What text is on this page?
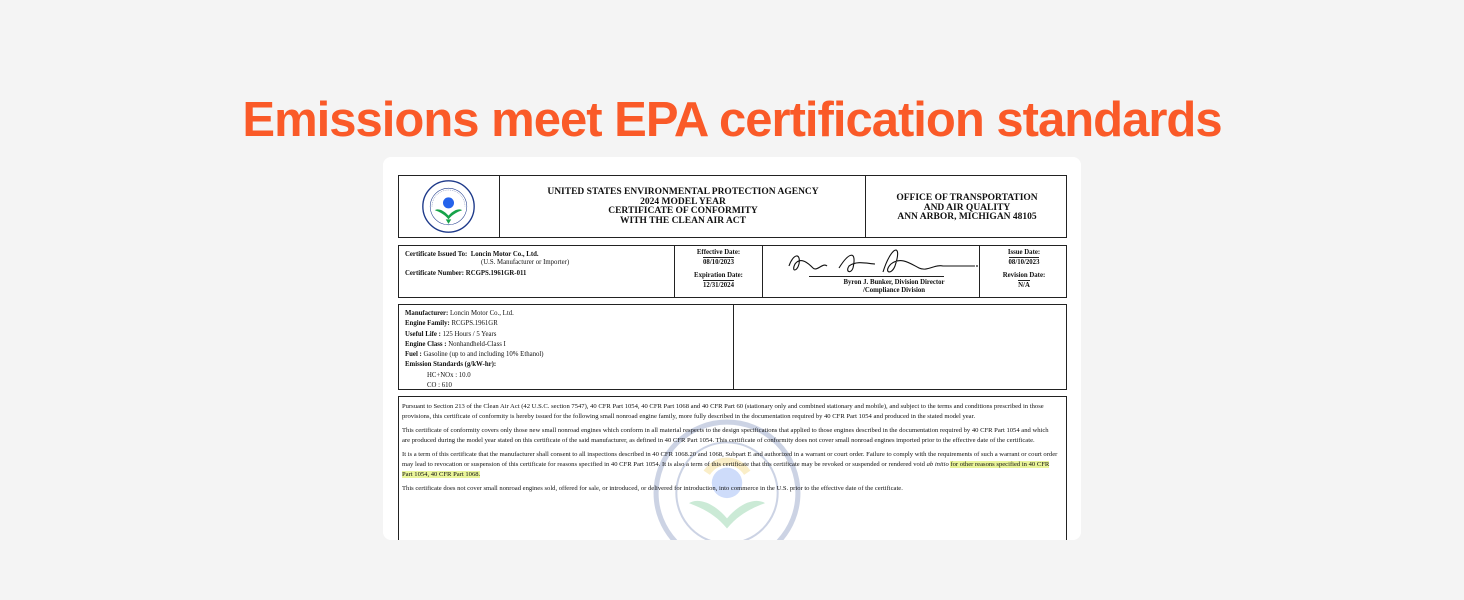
Emissions meet EPA certification standards
UNITED STATES ENVIRONMENTAL PROTECTION AGENCY
2024 MODEL YEAR
CERTIFICATE OF CONFORMITY
WITH THE CLEAN AIR ACT
OFFICE OF TRANSPORTATION
AND AIR QUALITY
ANN ARBOR, MICHIGAN 48105
Certificate Issued To: Loncin Motor Co., Ltd.
(U.S. Manufacturer or Importer)
Certificate Number: RCGPS.1961GR-011
Effective Date:
08/10/2023
Expiration Date:
12/31/2024	Byron J. Bunker, Division Director
/Compliance Division
Issue Date:
08/10/2023
Revision Date:
N/A
Manufacturer: Loncin Motor Co., Ltd.
Engine Family: RCGPS.1961GR
Useful Life : 125 Hours / 5 Years
Engine Class : Nonhandheld-Class I
Fuel : Gasoline (up to and including 10% Ethanol)
Emission Standards (g/kW-hr):
HC+NOx : 10.0
CO : 610

Pursuant to Section 213 of the Clean Air Act (42 U.S.C. section 7547), 40 CFR Part 1054, 40 CFR Part 1068 and 40 CFR Part 60 (stationary only and combined stationary and mobile), and subject to the terms and conditions prescribed in those provisions, this certificate of conformity is hereby issued for the following small nonroad engine family, more fully described in the documentation required by 40 CFR Part 1054 and produced in the stated model year.

This certificate of conformity covers only those new small nonroad engines which conform in all material respects to the design specifications that applied to those engines described in the documentation required by 40 CFR Part 1054 and which are produced during the model year stated on this certificate of the said manufacturer, as defined in 40 CFR Part 1054. This certificate of conformity does not cover small nonroad engines imported prior to the effective date of the certificate.

It is a term of this certificate that the manufacturer shall consent to all inspections described in 40 CFR 1068.20 and 1068, Subpart E and authorized in a warrant or court order. Failure to comply with the requirements of such a warrant or court order may lead to revocation or suspension of this certificate for reasons specified in 40 CFR Part 1054. It is also a term of this certificate that this certificate may be revoked or suspended or rendered void ab initio for other reasons specified in 40 CFR Part 1054, 40 CFR Part 1068.

This certificate does not cover small nonroad engines sold, offered for sale, or introduced, or delivered for introduction, into commerce in the U.S. prior to the effective date of the certificate.
